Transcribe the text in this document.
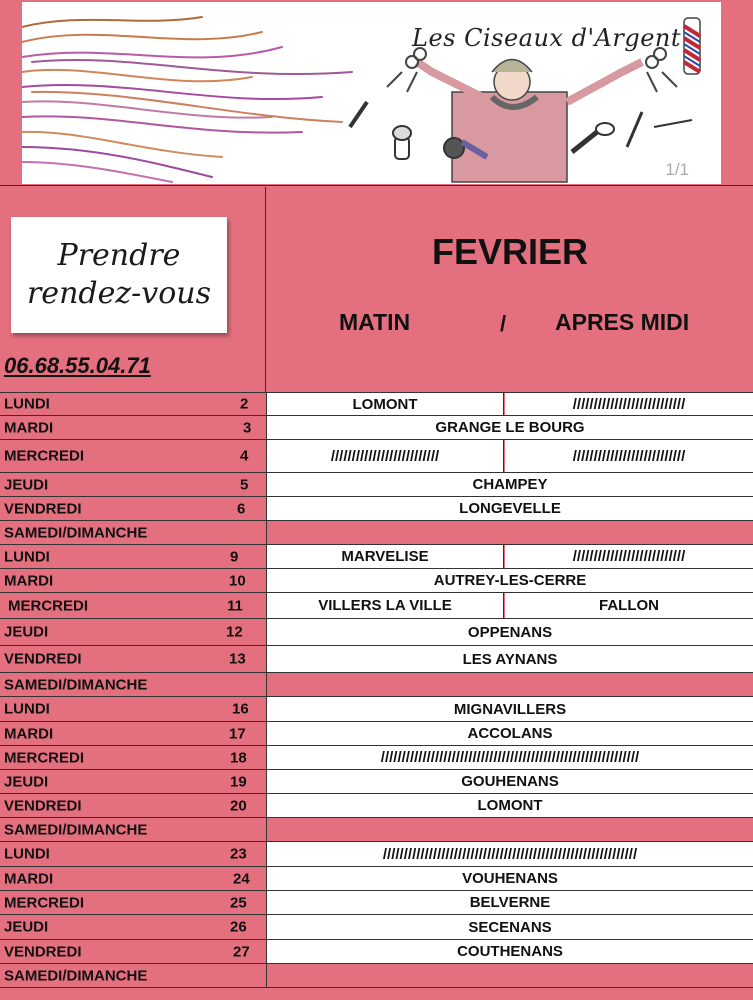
Les Ciseaux d'Argent
1/1
Prendre
rendez-vous
06.68.55.04.71
FEVRIER
MATIN	/ APRES MIDI
LUNDI	2	LOMONT	///////////////////////////
MARDI	3	GRANGE LE BOURG
MERCREDI	4	//////////////////////////	///////////////////////////
JEUDI	5	CHAMPEY
VENDREDI	6	LONGEVELLE
SAMEDI/DIMANCHE
LUNDI	9	MARVELISE	///////////////////////////
MARDI	10	AUTREY-LES-CERRE
MERCREDI	11	VILLERS LA VILLE	FALLON
JEUDI	12	OPPENANS
VENDREDI	13	LES AYNANS
SAMEDI/DIMANCHE
LUNDI	16	MIGNAVILLERS
MARDI	17	ACCOLANS
MERCREDI	18	//////////////////////////////////////////////////////////////
JEUDI	19	GOUHENANS
VENDREDI	20	LOMONT
SAMEDI/DIMANCHE
LUNDI	23	/////////////////////////////////////////////////////////////
MARDI	24	VOUHENANS
MERCREDI	25	BELVERNE
JEUDI	26	SECENANS
VENDREDI	27	COUTHENANS
SAMEDI/DIMANCHE
